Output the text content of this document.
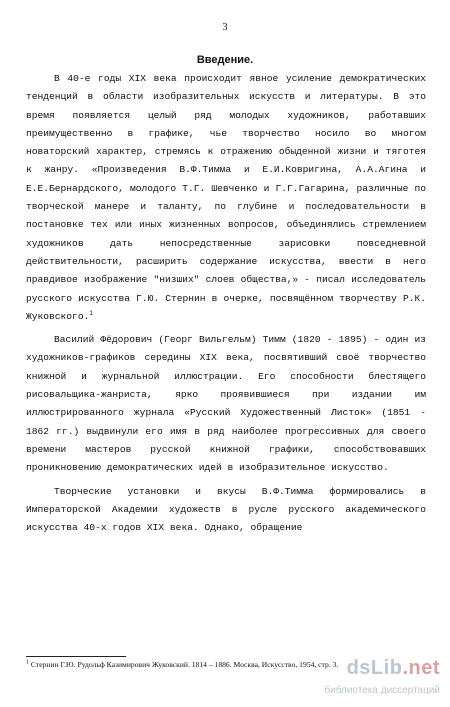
3
Введение.

В 40-е годы XIX века происходит явное усиление демократических тенденций в области изобразительных искусств и литературы. В это время появляется целый ряд молодых художников, работавших преимущественно в графике, чье творчество носило во многом новаторский характер, стремясь к отражению обыденной жизни и тяготея к жанру. «Произведения В.Ф.Тимма и Е.И.Ковригина, А.А.Агина и Е.Е.Бернардского, молодого Т.Г. Шевченко и Г.Г.Гагарина, различные по творческой манере и таланту, по глубине и последовательности в постановке тех или иных жизненных вопросов, объединялись стремлением художников дать непосредственные зарисовки повседневной действительности, расширить содержание искусства, ввести в него правдивое изображение "низших" слоев общества,» - писал исследователь русского искусства Г.Ю. Стернин в очерке, посвящённом творчеству Р.К. Жуковского.$^1$

Василий Фёдорович (Георг Вильгельм) Тимм (1820 - 1895) - один из художников-графиков середины XIX века, посвятивший своё творчество книжной и журнальной иллюстрации. Его способности блестящего рисовальщика-жанриста, ярко проявившиеся при издании им иллюстрированного журнала «Русский Художественный Листок» (1851 - 1862 гг.) выдвинули его имя в ряд наиболее прогрессивных для своего времени мастеров русской книжной графики, способствовавших проникновению демократических идей в изобразительное искусство.

Творческие установки и вкусы В.Ф.Тимма формировались в Императорской Академии художеств в русле русского академического искусства 40-х годов XIX века. Однако, обращение

$^1$ Стернин Г.Ю. Рудольф Казимирович Жуковский. 1814 – 1886. Москва, Искусство, 1954, стр. 3. dsLib.net
библиотека диссертаций
